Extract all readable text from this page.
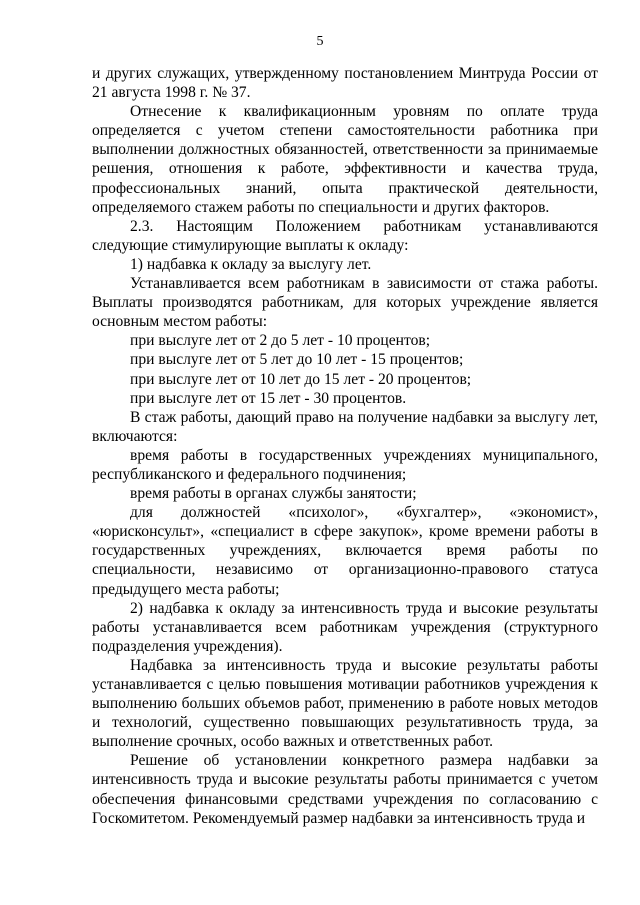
5

и других служащих, утвержденному постановлением Минтруда России от 21 августа 1998 г. № 37.

Отнесение к квалификационным уровням по оплате труда определяется с учетом степени самостоятельности работника при выполнении должностных обязанностей, ответственности за принимаемые решения, отношения к работе, эффективности и качества труда, профессиональных знаний, опыта практической деятельности, определяемого стажем работы по специальности и других факторов.

2.3. Настоящим Положением работникам устанавливаются следующие стимулирующие выплаты к окладу:

1) надбавка к окладу за выслугу лет.

Устанавливается всем работникам в зависимости от стажа работы. Выплаты производятся работникам, для которых учреждение является основным местом работы:

при выслуге лет от 2 до 5 лет - 10 процентов;

при выслуге лет от 5 лет до 10 лет - 15 процентов;

при выслуге лет от 10 лет до 15 лет - 20 процентов;

при выслуге лет от 15 лет - 30 процентов.

В стаж работы, дающий право на получение надбавки за выслугу лет, включаются:

время работы в государственных учреждениях муниципального, республиканского и федерального подчинения;

время работы в органах службы занятости;

для должностей «психолог», «бухгалтер», «экономист», «юрисконсульт», «специалист в сфере закупок», кроме времени работы в государственных учреждениях, включается время работы по специальности, независимо от организационно-правового статуса предыдущего места работы;

2) надбавка к окладу за интенсивность труда и высокие результаты работы устанавливается всем работникам учреждения (структурного подразделения учреждения).

Надбавка за интенсивность труда и высокие результаты работы устанавливается с целью повышения мотивации работников учреждения к выполнению больших объемов работ, применению в работе новых методов и технологий, существенно повышающих результативность труда, за выполнение срочных, особо важных и ответственных работ.

Решение об установлении конкретного размера надбавки за интенсивность труда и высокие результаты работы принимается с учетом обеспечения финансовыми средствами учреждения по согласованию с Госкомитетом. Рекомендуемый размер надбавки за интенсивность труда и
